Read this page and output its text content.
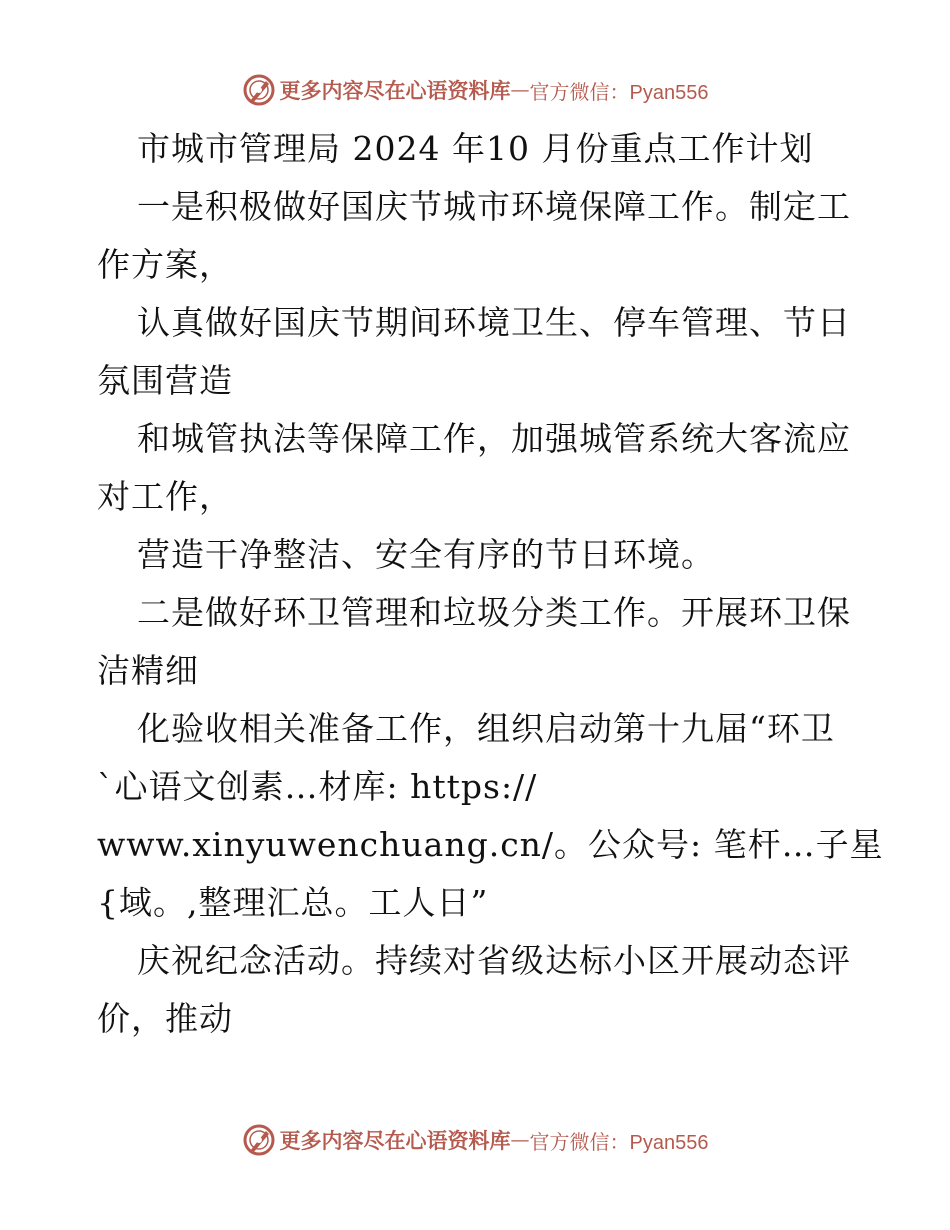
更多内容尽在心语资料库 — 官方微信：Pyan556
市城市管理局 2024 年10 月份重点工作计划
一是积极做好国庆节城市环境保障工作。制定工
作方案，
认真做好国庆节期间环境卫生、停车管理、节日
氛围营造
和城管执法等保障工作，加强城管系统大客流应
对工作，
营造干净整洁、安全有序的节日环境。
二是做好环卫管理和垃圾分类工作。开展环卫保
洁精细
化验收相关准备工作，组织启动第十九届“环卫
`心语文创素…材库: https://
www.xinyuwenchuang.cn/。公众号: 笔杆…子星
{域。,整理汇总。工人日”
庆祝纪念活动。持续对省级达标小区开展动态评
价，推动
更多内容尽在心语资料库 — 官方微信：Pyan556
